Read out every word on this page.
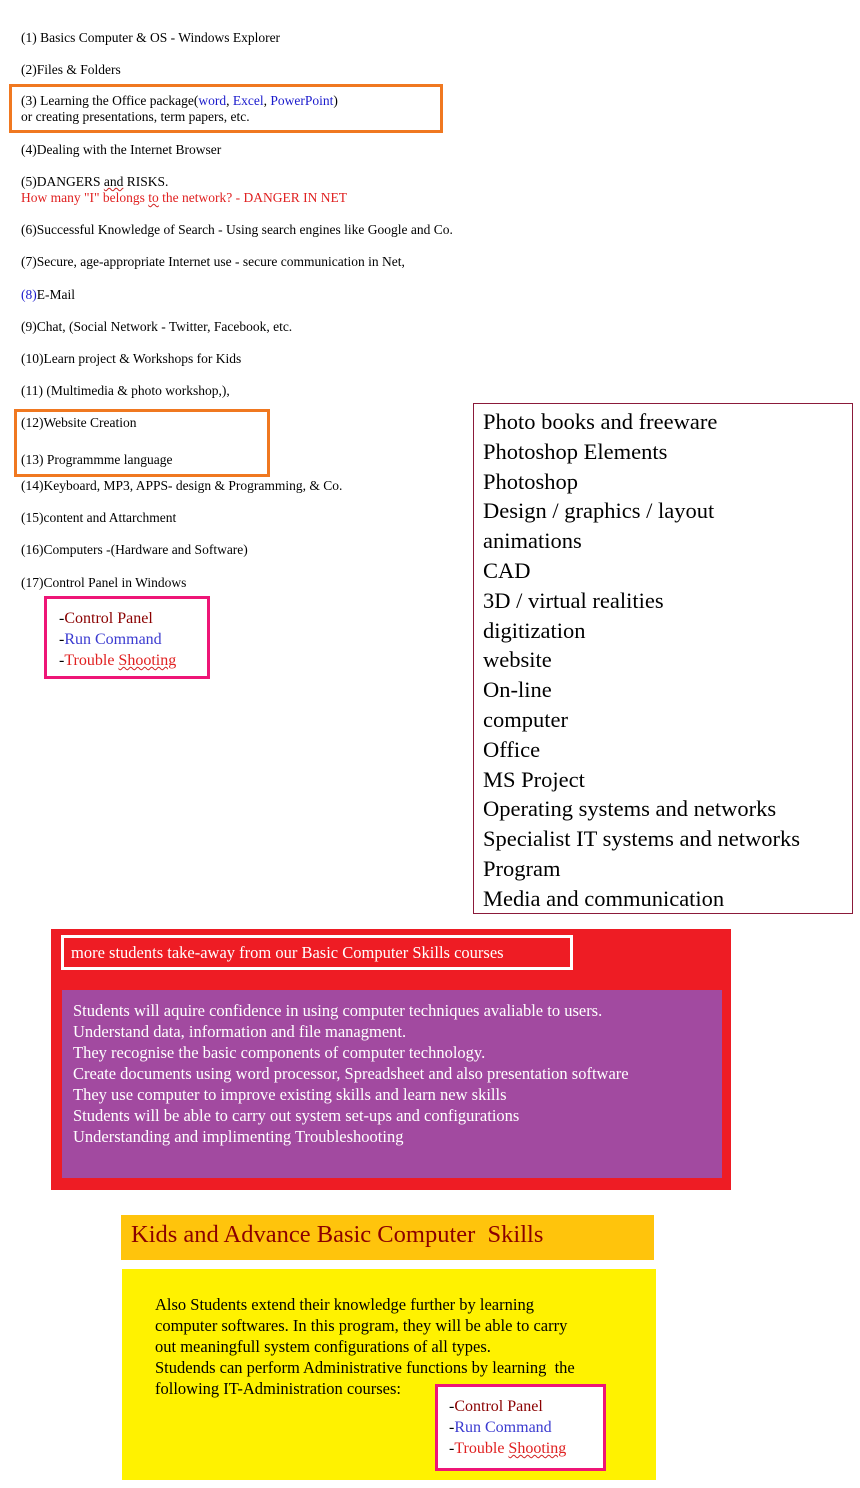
(1) Basics Computer & OS - Windows Explorer
(2)Files & Folders
(3) Learning the Office package(word, Excel, PowerPoint)
or creating presentations, term papers, etc.
(4)Dealing with the Internet Browser
(5)DANGERS and RISKS.
How many "I" belongs to the network? - DANGER IN NET
(6)Successful Knowledge of Search - Using search engines like Google and Co.
(7)Secure, age-appropriate Internet use - secure communication in Net,
(8)E-Mail
(9)Chat, (Social Network - Twitter, Facebook, etc.
(10)Learn project & Workshops for Kids
(11) (Multimedia & photo workshop,),
(12)Website Creation
(13) Programmme language
(14)Keyboard, MP3, APPS- design & Programming, & Co.
(15)content and Attarchment
(16)Computers -(Hardware and Software)
(17)Control Panel in Windows
-Control Panel
-Run Command
-Trouble Shooting
Photo books and freeware
Photoshop Elements
Photoshop
Design / graphics / layout
animations
CAD
3D / virtual realities
digitization
website
On-line
computer
Office
MS Project
Operating systems and networks
Specialist IT systems and networks
Program
Media and communication
more students take-away from our Basic Computer Skills courses
Students will aquire confidence in using computer techniques avaliable to users.
Understand data, information and file managment.
They recognise the basic components of computer technology.
Create documents using word processor, Spreadsheet and also presentation software
They use computer to improve existing skills and learn new skills
Students will be able to carry out system set-ups and configurations
Understanding and implimenting Troubleshooting
Kids and Advance Basic Computer  Skills
Also Students extend their knowledge further by learning
computer softwares. In this program, they will be able to carry
out meaningfull system configurations of all types.
Studends can perform Administrative functions by learning  the
following IT-Administration courses:
-Control Panel
-Run Command
-Trouble Shooting
